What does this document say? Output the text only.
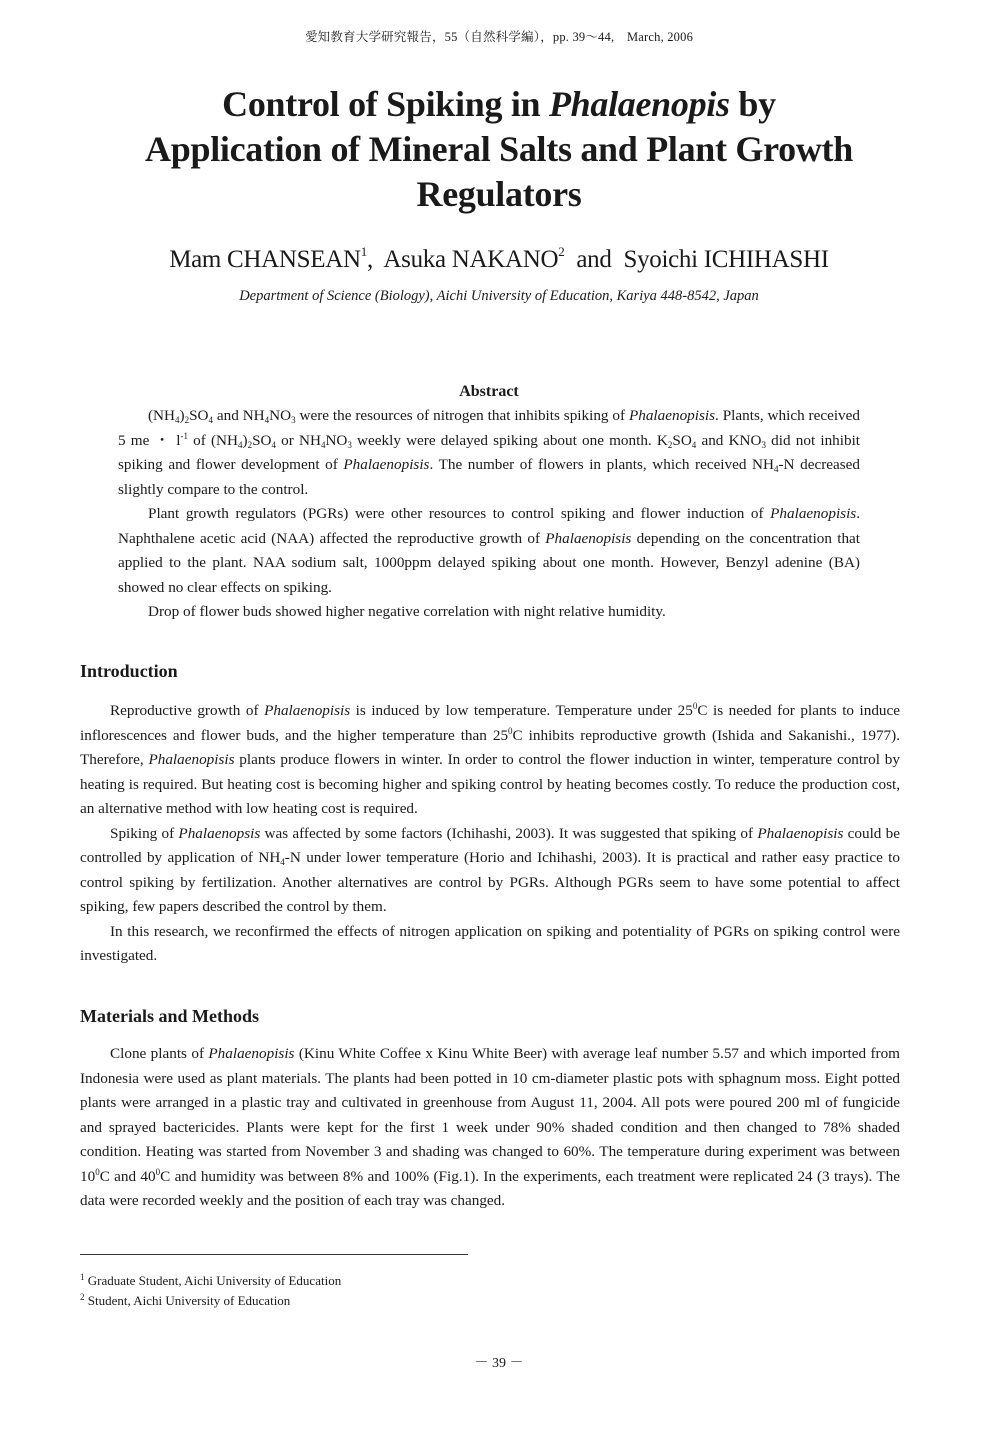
愛知教育大学研究報告，55（自然科学編），pp. 39～44,　March, 2006
Control of Spiking in Phalaenopis by
Application of Mineral Salts and Plant Growth
Regulators
Mam CHANSEAN$^1$,  Asuka NAKANO$^2$  and  Syoichi ICHIHASHI
Department of Science (Biology), Aichi University of Education, Kariya 448-8542, Japan
Abstract

$(NH_4)_2SO_4$ and $NH_4NO_3$ were the resources of nitrogen that inhibits spiking of Phalaenopisis. Plants, which received 5 me ・ $l^{-1}$ of $(NH_4)_2SO_4$ or $NH_4NO_3$ weekly were delayed spiking about one month. $K_2SO_4$ and $KNO_3$ did not inhibit spiking and flower development of Phalaenopisis. The number of flowers in plants, which received $NH_4-N$ decreased slightly compare to the control.

Plant growth regulators (PGRs) were other resources to control spiking and flower induction of Phalaenopisis. Naphthalene acetic acid (NAA) affected the reproductive growth of Phalaenopisis depending on the concentration that applied to the plant. NAA sodium salt, 1000ppm delayed spiking about one month. However, Benzyl adenine (BA) showed no clear effects on spiking.

Drop of flower buds showed higher negative correlation with night relative humidity.

Introduction

Reproductive growth of Phalaenopisis is induced by low temperature. Temperature under $25^0C$ is needed for plants to induce inflorescences and flower buds, and the higher temperature than $25^0C$ inhibits reproductive growth (Ishida and Sakanishi., 1977). Therefore, Phalaenopisis plants produce flowers in winter. In order to control the flower induction in winter, temperature control by heating is required. But heating cost is becoming higher and spiking control by heating becomes costly. To reduce the production cost, an alternative method with low heating cost is required.

Spiking of Phalaenopsis was affected by some factors (Ichihashi, 2003). It was suggested that spiking of Phalaenopisis could be controlled by application of $NH_4-N$ under lower temperature (Horio and Ichihashi, 2003). It is practical and rather easy practice to control spiking by fertilization. Another alternatives are control by PGRs. Although PGRs seem to have some potential to affect spiking, few papers described the control by them.

In this research, we reconfirmed the effects of nitrogen application on spiking and potentiality of PGRs on spiking control were investigated.

Materials and Methods

Clone plants of Phalaenopisis (Kinu White Coffee x Kinu White Beer) with average leaf number 5.57 and which imported from Indonesia were used as plant materials. The plants had been potted in 10 cm-diameter plastic pots with sphagnum moss. Eight potted plants were arranged in a plastic tray and cultivated in greenhouse from August 11, 2004. All pots were poured 200 ml of fungicide and sprayed bactericides. Plants were kept for the first 1 week under 90% shaded condition and then changed to 78% shaded condition. Heating was started from November 3 and shading was changed to 60%. The temperature during experiment was between $10^0C$ and $40^0C$ and humidity was between 8% and 100% (Fig.1). In the experiments, each treatment were replicated 24 (3 trays). The data were recorded weekly and the position of each tray was changed.

$^1$ Graduate Student, Aichi University of Education
$^2$ Student, Aichi University of Education
－ 39 －
